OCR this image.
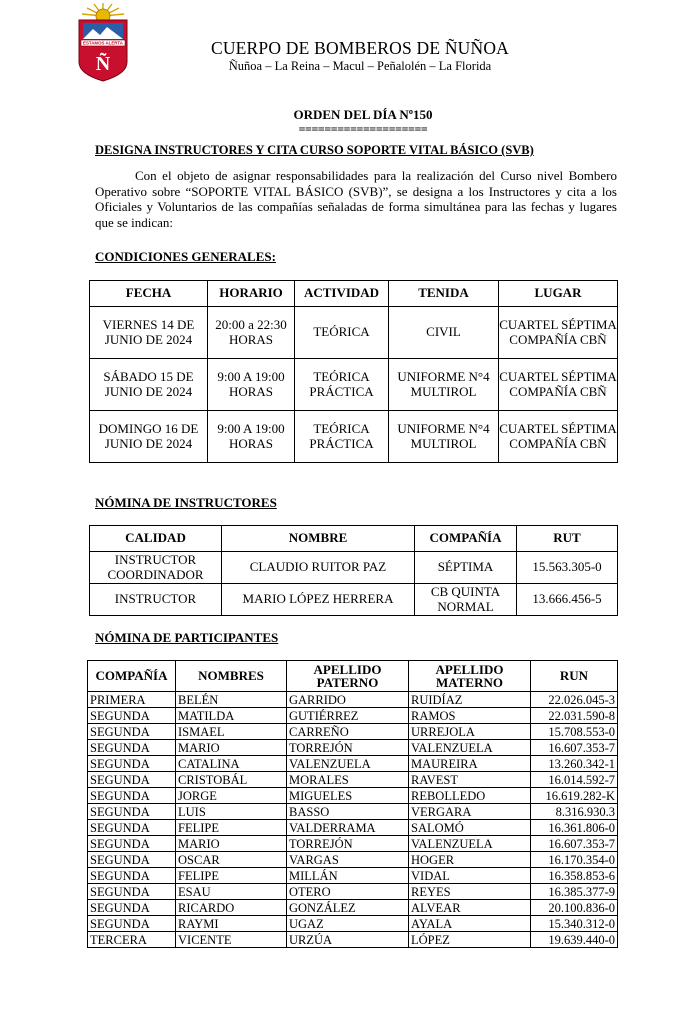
ESTAMOS ALERTA
Ñ
CUERPO DE BOMBEROS DE ÑUÑOA
Ñuñoa – La Reina – Macul – Peñalolén – La Florida
ORDEN DEL DÍA Nº150
====================
DESIGNA INSTRUCTORES Y CITA CURSO SOPORTE VITAL BÁSICO (SVB)
Con el objeto de asignar responsabilidades para la realización del Curso nivel Bombero Operativo sobre “SOPORTE VITAL BÁSICO (SVB)”, se designa a los Instructores y cita a los Oficiales y Voluntarios de las compañías señaladas de forma simultánea para las fechas y lugares que se indican:
CONDICIONES GENERALES:
FECHA	HORARIO	ACTIVIDAD	TENIDA	LUGAR
VIERNES 14 DE JUNIO DE 2024	20:00 a 22:30 HORAS	TEÓRICA	CIVIL	CUARTEL SÉPTIMA COMPAÑÍA CBÑ
SÁBADO 15 DE JUNIO DE 2024	9:00 A 19:00 HORAS	TEÓRICA PRÁCTICA	UNIFORME N°4 MULTIROL	CUARTEL SÉPTIMA COMPAÑÍA CBÑ
DOMINGO 16 DE JUNIO DE 2024	9:00 A 19:00 HORAS	TEÓRICA PRÁCTICA	UNIFORME N°4 MULTIROL	CUARTEL SÉPTIMA COMPAÑÍA CBÑ
NÓMINA DE INSTRUCTORES
CALIDAD	NOMBRE	COMPAÑÍA	RUT
INSTRUCTOR COORDINADOR	CLAUDIO RUITOR PAZ	SÉPTIMA	15.563.305-0
INSTRUCTOR	MARIO LÓPEZ HERRERA	CB QUINTA NORMAL	13.666.456-5
NÓMINA DE PARTICIPANTES
COMPAÑÍA	NOMBRES	APELLIDO PATERNO	APELLIDO MATERNO	RUN
PRIMERA	BELÉN	GARRIDO	RUIDÍAZ	22.026.045-3
SEGUNDA	MATILDA	GUTIÉRREZ	RAMOS	22.031.590-8
SEGUNDA	ISMAEL	CARREÑO	URREJOLA	15.708.553-0
SEGUNDA	MARIO	TORREJÓN	VALENZUELA	16.607.353-7
SEGUNDA	CATALINA	VALENZUELA	MAUREIRA	13.260.342-1
SEGUNDA	CRISTOBÁL	MORALES	RAVEST	16.014.592-7
SEGUNDA	JORGE	MIGUELES	REBOLLEDO	16.619.282-K
SEGUNDA	LUIS	BASSO	VERGARA	8.316.930.3
SEGUNDA	FELIPE	VALDERRAMA	SALOMÓ	16.361.806-0
SEGUNDA	MARIO	TORREJÓN	VALENZUELA	16.607.353-7
SEGUNDA	OSCAR	VARGAS	HOGER	16.170.354-0
SEGUNDA	FELIPE	MILLÁN	VIDAL	16.358.853-6
SEGUNDA	ESAU	OTERO	REYES	16.385.377-9
SEGUNDA	RICARDO	GONZÁLEZ	ALVEAR	20.100.836-0
SEGUNDA	RAYMI	UGAZ	AYALA	15.340.312-0
TERCERA	VICENTE	URZÚA	LÓPEZ	19.639.440-0
